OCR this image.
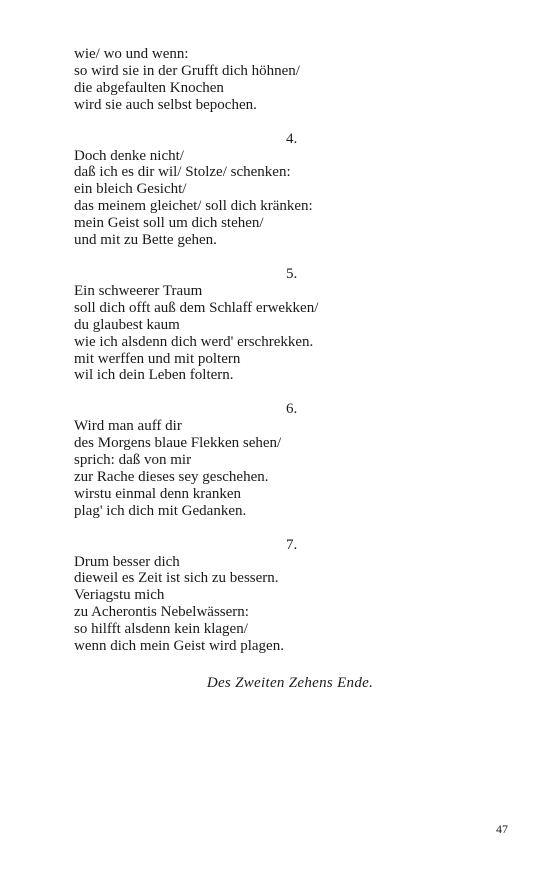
wie/ wo und wenn:
so wird sie in der Grufft dich höhnen/
die abgefaulten Knochen
wird sie auch selbst bepochen.
4.
Doch denke nicht/
daß ich es dir wil/ Stolze/ schenken:
ein bleich Gesicht/
das meinem gleichet/ soll dich kränken:
mein Geist soll um dich stehen/
und mit zu Bette gehen.
5.
Ein schweerer Traum
soll dich offt auß dem Schlaff erwekken/
du glaubest kaum
wie ich alsdenn dich werd' erschrekken.
mit werffen und mit poltern
wil ich dein Leben foltern.
6.
Wird man auff dir
des Morgens blaue Flekken sehen/
sprich: daß von mir
zur Rache dieses sey geschehen.
wirstu einmal denn kranken
plag' ich dich mit Gedanken.
7.
Drum besser dich
dieweil es Zeit ist sich zu bessern.
Veriagstu mich
zu Acherontis Nebelwässern:
so hilfft alsdenn kein klagen/
wenn dich mein Geist wird plagen.
Des Zweiten Zehens Ende.
47
